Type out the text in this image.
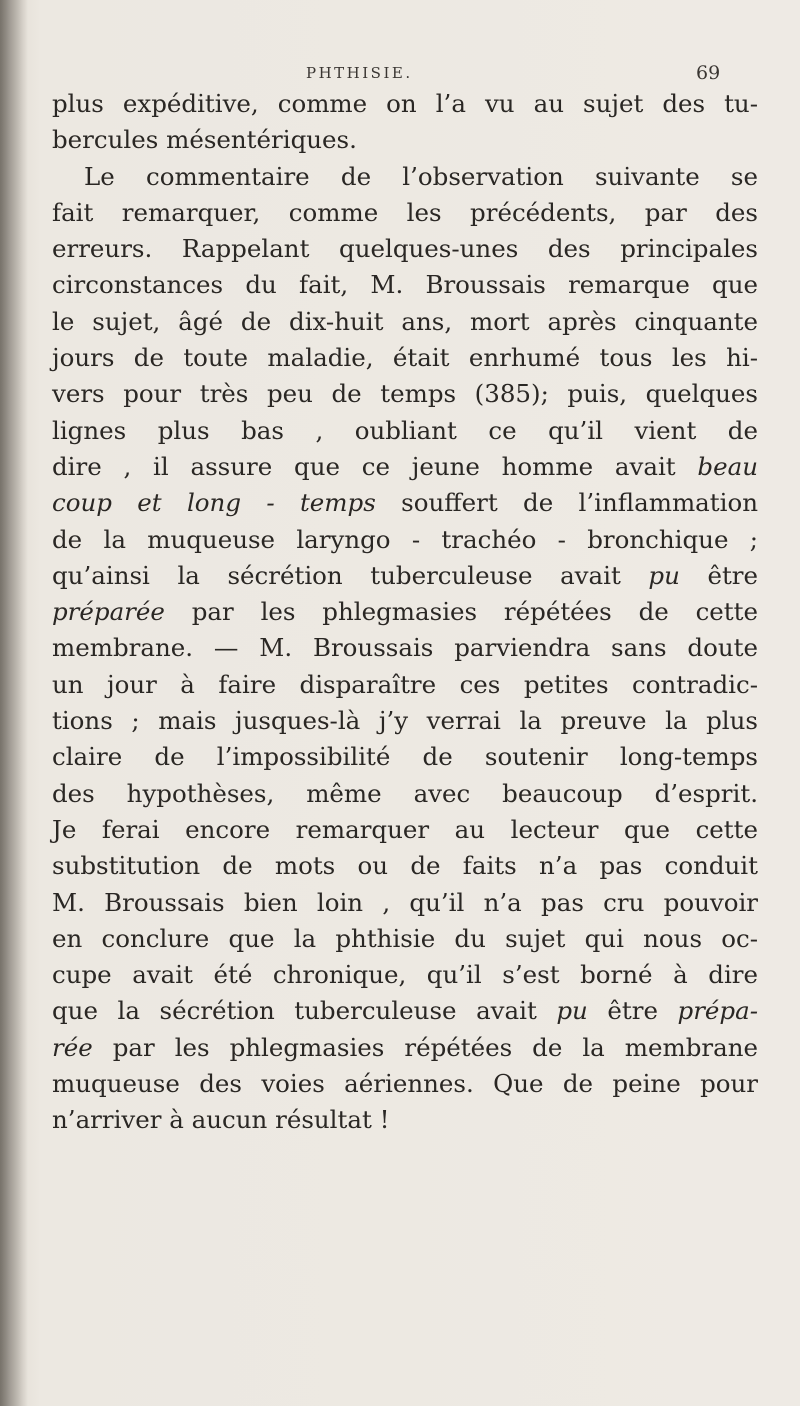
PHTHISIE.	69
plus expéditive, comme on l’a vu au sujet des tu-
bercules mésentériques.
Le commentaire de l’observation suivante se
fait remarquer, comme les précédents, par des
erreurs. Rappelant quelques-unes des principales
circonstances du fait, M. Broussais remarque que
le sujet, âgé de dix-huit ans, mort après cinquante
jours de toute maladie, était enrhumé tous les hi-
vers pour très peu de temps (385); puis, quelques
lignes plus bas , oubliant ce qu’il vient de
dire , il assure que ce jeune homme avait beau
coup et long - temps souffert de l’inflammation
de la muqueuse laryngo - trachéo - bronchique ;
qu’ainsi la sécrétion tuberculeuse avait pu être
préparée par les phlegmasies répétées de cette
membrane. — M. Broussais parviendra sans doute
un jour à faire disparaître ces petites contradic-
tions ; mais jusques-là j’y verrai la preuve la plus
claire de l’impossibilité de soutenir long-temps
des hypothèses, même avec beaucoup d’esprit.
Je ferai encore remarquer au lecteur que cette
substitution de mots ou de faits n’a pas conduit
M. Broussais bien loin , qu’il n’a pas cru pouvoir
en conclure que la phthisie du sujet qui nous oc-
cupe avait été chronique, qu’il s’est borné à dire
que la sécrétion tuberculeuse avait pu être prépa-
rée par les phlegmasies répétées de la membrane
muqueuse des voies aériennes. Que de peine pour
n’arriver à aucun résultat !
